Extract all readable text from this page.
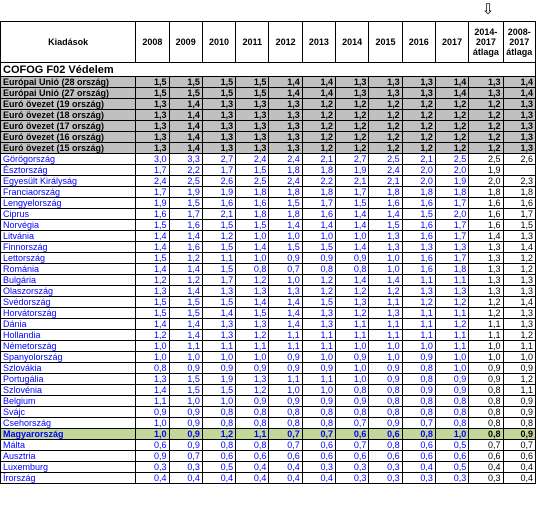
⇩
Kiadások	2008	2009	2010	2011	2012	2013	2014	2015	2016	2017	2014-2017 átlaga	2008-2017 átlaga
COFOG F02 Védelem												
Európai Unió (28 ország)	1,5	1,5	1,5	1,5	1,4	1,4	1,3	1,3	1,3	1,4	1,3	1,4
Európai Unió (27 ország)	1,5	1,5	1,5	1,5	1,4	1,4	1,3	1,3	1,3	1,4	1,3	1,4
Euró övezet (19 ország)	1,3	1,4	1,3	1,3	1,3	1,2	1,2	1,2	1,2	1,2	1,2	1,3
Euró övezet (18 ország)	1,3	1,4	1,3	1,3	1,3	1,2	1,2	1,2	1,2	1,2	1,2	1,3
Euró övezet (17 ország)	1,3	1,4	1,3	1,3	1,3	1,2	1,2	1,2	1,2	1,2	1,2	1,3
Euró övezet (16 ország)	1,3	1,4	1,3	1,3	1,3	1,2	1,2	1,2	1,2	1,2	1,2	1,3
Euró övezet (15 ország)	1,3	1,4	1,3	1,3	1,3	1,2	1,2	1,2	1,2	1,2	1,2	1,3
Görögország	3,0	3,3	2,7	2,4	2,4	2,1	2,7	2,5	2,1	2,5	2,5	2,6
Észtország	1,7	2,2	1,7	1,5	1,8	1,8	1,9	2,4	2,0	2,0	1,9	
Egyesült Királyság	2,4	2,5	2,6	2,5	2,4	2,2	2,1	2,1	2,0	1,9	2,0	2,3
Franciaország	1,7	1,9	1,9	1,8	1,8	1,8	1,7	1,8	1,8	1,8	1,8	1,8
Lengyelország	1,9	1,5	1,6	1,6	1,5	1,7	1,5	1,6	1,6	1,7	1,6	1,6
Ciprus	1,6	1,7	2,1	1,8	1,8	1,6	1,4	1,4	1,5	2,0	1,6	1,7
Norvégia	1,5	1,6	1,5	1,5	1,4	1,4	1,4	1,5	1,6	1,7	1,6	1,5
Litvánia	1,4	1,4	1,2	1,0	1,0	1,0	1,0	1,3	1,6	1,7	1,4	1,3
Finnország	1,4	1,6	1,5	1,4	1,5	1,5	1,4	1,3	1,3	1,3	1,3	1,4
Lettország	1,5	1,2	1,1	1,0	0,9	0,9	0,9	1,0	1,6	1,7	1,3	1,2
Románia	1,4	1,4	1,5	0,8	0,7	0,8	0,8	1,0	1,6	1,8	1,3	1,2
Bulgária	1,2	1,2	1,7	1,2	1,0	1,2	1,4	1,4	1,1	1,1	1,3	1,3
Olaszország	1,3	1,4	1,3	1,3	1,3	1,2	1,2	1,2	1,3	1,3	1,3	1,3
Svédország	1,5	1,5	1,5	1,4	1,4	1,5	1,3	1,1	1,2	1,2	1,2	1,4
Horvátország	1,5	1,5	1,4	1,5	1,4	1,3	1,2	1,3	1,1	1,1	1,2	1,3
Dánia	1,4	1,4	1,3	1,3	1,4	1,3	1,1	1,1	1,1	1,2	1,1	1,3
Hollandia	1,2	1,4	1,3	1,2	1,1	1,1	1,1	1,1	1,1	1,1	1,1	1,2
Németország	1,0	1,1	1,1	1,1	1,1	1,1	1,0	1,0	1,0	1,1	1,0	1,1
Spanyolország	1,0	1,0	1,0	1,0	0,9	1,0	0,9	1,0	0,9	1,0	1,0	1,0
Szlovákia	0,8	0,9	0,9	0,9	0,9	0,9	1,0	0,9	0,8	1,0	0,9	0,9
Portugália	1,3	1,5	1,9	1,3	1,1	1,1	1,0	0,9	0,8	0,9	0,9	1,2
Szlovénia	1,4	1,5	1,5	1,2	1,0	1,0	0,8	0,8	0,9	0,9	0,8	1,1
Belgium	1,1	1,0	1,0	0,9	0,9	0,9	0,9	0,8	0,8	0,8	0,8	0,9
Svájc	0,9	0,9	0,8	0,8	0,8	0,8	0,8	0,8	0,8	0,8	0,8	0,9
Csehország	1,0	0,9	0,8	0,8	0,8	0,8	0,7	0,9	0,7	0,8	0,8	0,8
Magyarország	1,0	0,9	1,2	1,1	0,7	0,7	0,6	0,6	0,8	1,0	0,8	0,9
Málta	0,6	0,9	0,8	0,8	0,7	0,6	0,7	0,8	0,6	0,5	0,7	0,7
Ausztria	0,9	0,7	0,6	0,6	0,6	0,6	0,6	0,6	0,6	0,6	0,6	0,6
Luxemburg	0,3	0,3	0,5	0,4	0,4	0,3	0,3	0,3	0,4	0,5	0,4	0,4
Írország	0,4	0,4	0,4	0,4	0,4	0,4	0,3	0,3	0,3	0,3	0,3	0,4
